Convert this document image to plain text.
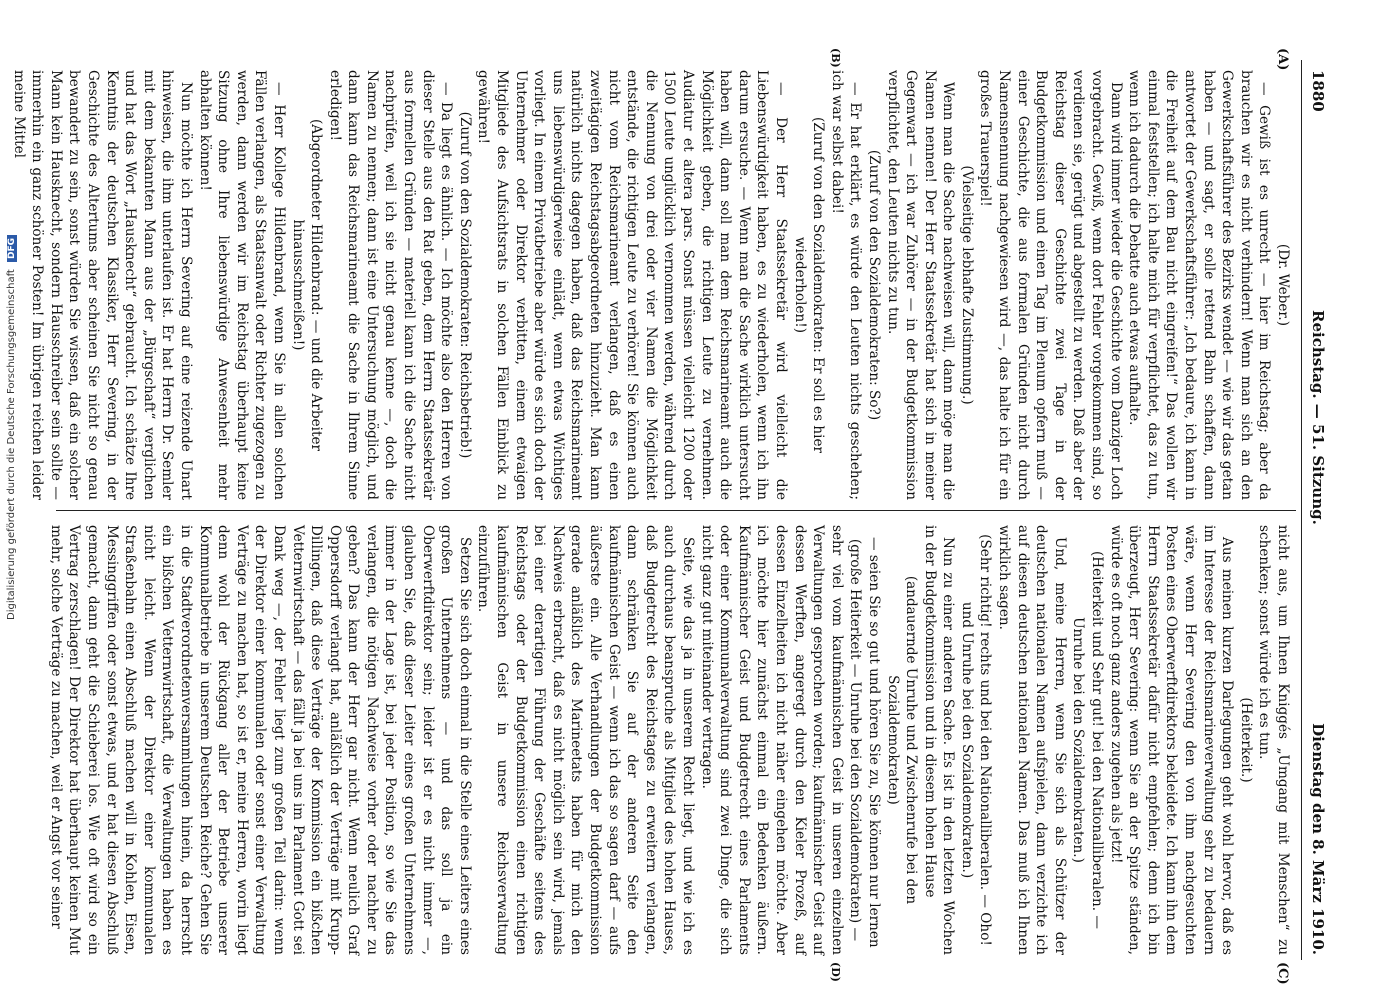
1880
Reichstag. — 51. Sitzung.
Dienstag den 8. März 1910.
(A)
(B)
(C)
(D)

(Dr. Weber.)

— Gewiß ist es unrecht — hier im Reichstag; aber da brauchen wir es nicht verhindern! Wenn man sich an den Gewerkschaftsführer des Bezirks wendet — wie wir das getan haben — und sagt, er solle rettend Bahn schaffen, dann antwortet der Gewerkschaftsführer: „Ich bedaure, ich kann in die Freiheit auf dem Bau nicht eingreifen!“ Das wollen wir einmal feststellen; ich halte mich für verpflichtet, das zu tun, wenn ich dadurch die Debatte auch etwas aufhalte.

Dann wird immer wieder die Geschichte vom Danziger Loch vorgebracht. Gewiß, wenn dort Fehler vorgekommen sind, so verdienen sie, gerügt und abgestellt zu werden. Daß aber der Reichstag dieser Geschichte zwei Tage in der Budgetkommission und einen Tag im Plenum opfern muß — einer Geschichte, die aus formalen Gründen nicht durch Namensnennung nachgewiesen wird —, das halte ich für ein großes Trauerspiel!

(Vielseitige lebhafte Zustimmung.)

Wenn man die Sache nachweisen will, dann möge man die Namen nennen! Der Herr Staatssekretär hat sich in meiner Gegenwart — ich war Zuhörer — in der Budgetkommission verpflichtet, den Leuten nichts zu tun.

(Zuruf von den Sozialdemokraten: So?)

— Er hat erklärt, es würde den Leuten nichts geschehen; ich war selbst dabei!

(Zuruf von den Sozialdemokraten: Er soll es hier wiederholen!)

— Der Herr Staatssekretär wird vielleicht die Liebenswürdigkeit haben, es zu wiederholen, wenn ich ihn darum ersuche. — Wenn man die Sache wirklich untersucht haben will, dann soll man dem Reichsmarineamt auch die Möglichkeit geben, die richtigen Leute zu vernehmen. Audiatur et altera pars. Sonst müssen vielleicht 1200 oder 1500 Leute unglücklich vernommen werden, während durch die Nennung von drei oder vier Namen die Möglichkeit entstände, die richtigen Leute zu verhören! Sie können auch nicht vom Reichsmarineamt verlangen, daß es einen zweitägigen Reichstagsabgeordneten hinzuzieht. Man kann natürlich nichts dagegen haben, daß das Reichsmarineamt uns liebenswürdigerweise einlädt, wenn etwas Wichtiges vorliegt. In einem Privatbetriebe aber würde es sich doch der Unternehmer oder Direktor verbitten, einem etwaigen Mitgliede des Aufsichtsrats in solchen Fällen Einblick zu gewähren!

(Zuruf von den Sozialdemokraten: Reichsbetrieb!)

— Da liegt es ähnlich. — Ich möchte also den Herren von dieser Stelle aus den Rat geben, dem Herrn Staatssekretär aus formellen Gründen — materiell kann ich die Sache nicht nachprüfen, weil ich sie nicht genau kenne —, doch die Namen zu nennen; dann ist eine Untersuchung möglich, und dann kann das Reichsmarineamt die Sache in Ihrem Sinne erledigen!

(Abgeordneter Hildenbrand: — und die Arbeiter hinausschmeißen!)

— Herr Kollege Hildenbrand, wenn Sie in allen solchen Fällen verlangen, als Staatsanwalt oder Richter zugezogen zu werden, dann werden wir im Reichstag überhaupt keine Sitzung ohne Ihre liebenswürdige Anwesenheit mehr abhalten können!

Nun möchte ich Herrn Severing auf eine reizende Unart hinweisen, die ihm unterlaufen ist. Er hat Herrn Dr. Semler mit dem bekannten Mann aus der „Bürgschaft“ verglichen und hat das Wort „Hausknecht“ gebraucht. Ich schätze Ihre Kenntnis der deutschen Klassiker, Herr Severing, in der Geschichte des Altertums aber scheinen Sie nicht so genau bewandert zu sein, sonst würden Sie wissen, daß ein solcher Mann kein Hausknecht, sondern Hausschreiber sein sollte — immerhin ein ganz schöner Posten! Im übrigen reichen leider meine Mittel

nicht aus, um Ihnen Kniggés „Umgang mit Menschen“ zu schenken; sonst würde ich es tun.

(Heiterkeit.)

Aus meinen kurzen Darlegungen geht wohl hervor, daß es im Interesse der Reichsmarineverwaltung sehr zu bedauern wäre, wenn Herr Severing den von ihm nachgesuchten Posten eines Oberwerftdirektors bekleidete. Ich kann ihn dem Herrn Staatssekretär dafür nicht empfehlen; denn ich bin überzeugt, Herr Severing: wenn Sie an der Spitze ständen, würde es oft noch ganz anders zugehen als jetzt!

(Heiterkeit und Sehr gut! bei den Nationalliberalen. — Unruhe bei den Sozialdemokraten.)

Und, meine Herren, wenn Sie sich als Schützer der deutschen nationalen Namen aufspielen, dann verzichte ich auf diesen deutschen nationalen Namen. Das muß ich Ihnen wirklich sagen.

(Sehr richtig! rechts und bei den Nationalliberalen. — Oho! und Unruhe bei den Sozialdemokraten.)

Nun zu einer anderen Sache. Es ist in den letzten Wochen in der Budgetkommission und in diesem hohen Hause

(andauernde Unruhe und Zwischenrufe bei den Sozialdemokraten)

— seien Sie so gut und hören Sie zu, Sie können nur lernen

(große Heiterkeit — Unruhe bei den Sozialdemokraten) —

sehr viel vom kaufmännischen Geist in unseren einzelnen Verwaltungen gesprochen worden; kaufmännischer Geist auf dessen Werften, angeregt durch den Kieler Prozeß, auf dessen Einzelheiten ich nicht näher eingehen möchte. Aber ich möchte hier zunächst einmal ein Bedenken äußern. Kaufmännischer Geist und Budgetrecht eines Parlaments oder einer Kommunalverwaltung sind zwei Dinge, die sich nicht ganz gut miteinander vertragen.

Seite, wie das ja in unserem Recht liegt, und wie ich es auch durchaus beanspruche als Mitglied des hohen Hauses, daß Budgetrecht des Reichstages zu erweitern verlangen, dann schränken Sie auf der anderen Seite den kaufmännischen Geist — wenn ich das so sagen darf — aufs äußerste ein. Alle Verhandlungen der Budgetkommission gerade anläßlich des Marineetats haben für mich den Nachweis erbracht, daß es nicht möglich sein wird, jemals bei einer derartigen Führung der Geschäfte seitens des Reichstags oder der Budgetkommission einen richtigen kaufmännischen Geist in unsere Reichsverwaltung einzuführen.

Setzen Sie sich doch einmal in die Stelle eines Leiters eines großen Unternehmens — und das soll ja ein Oberwerftdirektor sein; leider ist er es nicht immer —, glauben Sie, daß dieser Leiter eines großen Unternehmens immer in der Lage ist, bei jeder Position, so wie Sie das verlangen, die nötigen Nachweise vorher oder nachher zu geben? Das kann der Herr gar nicht. Wenn neulich Graf Oppersdorff verlangt hat, anläßlich der Verträge mit Krupp-Dillingen, daß diese Verträge der Kommission ein bißchen Vetternwirtschaft — das fällt ja bei uns im Parlament Gott sei Dank weg —, der Fehler liegt zum großen Teil darin: wenn der Direktor einer kommunalen oder sonst einer Verwaltung Verträge zu machen hat, so ist er, meine Herren, worin liegt denn wohl der Rückgang aller der Betriebe unserer Kommunalbetriebe in unserem Deutschen Reiche? Gehen Sie in die Stadtverordnetenversammlungen hinein, da herrscht ein bißchen Vetternwirtschaft, die Verwaltungen haben es nicht leicht. Wenn der Direktor einer kommunalen Straßenbahn einen Abschluß machen will in Kohlen, Eisen, Messinggriffen oder sonst etwas, und er hat diesen Abschluß gemacht, dann geht die Schieberei los. Wie oft wird so ein Vertrag zerschlagen! Der Direktor hat überhaupt keinen Mut mehr, solche Verträge zu machen, weil er Angst vor seiner

Digitalisierung gefördert durch die Deutsche Forschungsgemeinschaft DFG
